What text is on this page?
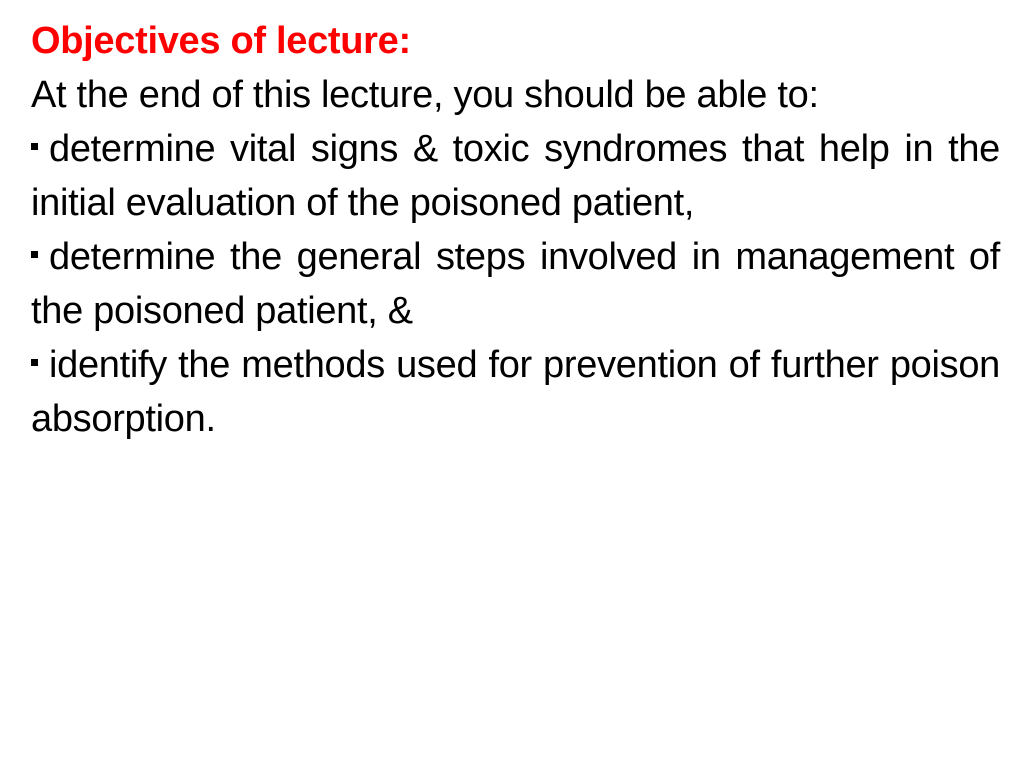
Objectives of lecture:

At the end of this lecture, you should be able to:

determine vital signs & toxic syndromes that help in the initial evaluation of the poisoned patient,
determine the general steps involved in management of the poisoned patient, &
identify the methods used for prevention of further poison absorption.
